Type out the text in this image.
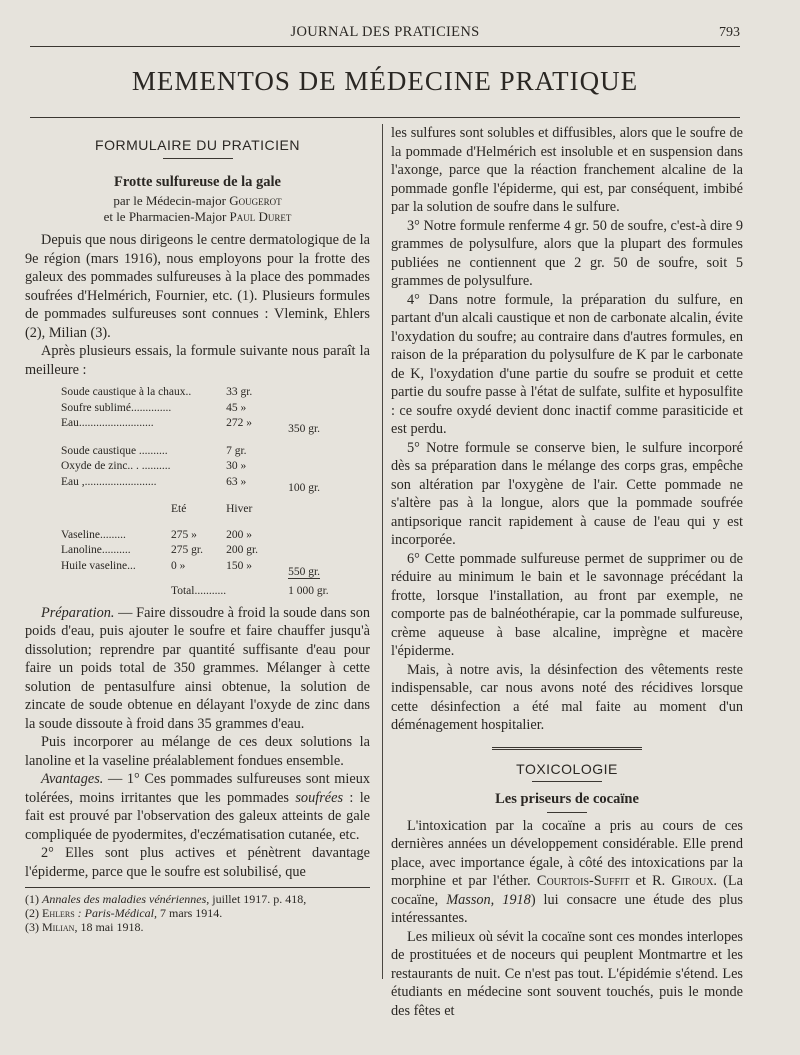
JOURNAL DES PRATICIENS	793
MEMENTOS DE MÉDECINE PRATIQUE
FORMULAIRE DU PRATICIEN
Frotte sulfureuse de la gale
par le Médecin-major Gougerot
et le Pharmacien-Major Paul Duret

Depuis que nous dirigeons le centre dermatologique de la 9e région (mars 1916), nous employons pour la frotte des galeux des pommades sulfureuses à la place des pommades soufrées d'Helmérich, Fournier, etc. (1). Plusieurs formules de pommades sulfureuses sont connues : Vlemink, Ehlers (2), Milian (3).

Après plusieurs essais, la formule suivante nous paraît la meilleure :

Soude caustique à la chaux..	33 gr.		
Soufre sublimé..............	45 »		
Eau..........................	272 »		350 gr.
Soude caustique ..........	7 gr.		
Oxyde de zinc.. . ..........	30 »		
Eau ,.........................	63 »		100 gr.
Eté	Hiver		
Vaseline......... 275 »	200 »		
Lanoline.......... 275 gr.	200 gr.		
Huile vaseline... 0 »	150 »		550 gr.
Total...........			1 000 gr.

Préparation. — Faire dissoudre à froid la soude dans son poids d'eau, puis ajouter le soufre et faire chauffer jusqu'à dissolution; reprendre par quantité suffisante d'eau pour faire un poids total de 350 grammes. Mélanger à cette solution de pentasulfure ainsi obtenue, la solution de zincate de soude obtenue en délayant l'oxyde de zinc dans la soude dissoute à froid dans 35 grammes d'eau.

Puis incorporer au mélange de ces deux solutions la lanoline et la vaseline préalablement fondues ensemble.

Avantages. — 1° Ces pommades sulfureuses sont mieux tolérées, moins irritantes que les pommades soufrées : le fait est prouvé par l'observation des galeux atteints de gale compliquée de pyodermites, d'eczématisation cutanée, etc.

2° Elles sont plus actives et pénètrent davantage l'épiderme, parce que le soufre est solubilisé, que

(1) Annales des maladies vénériennes, juillet 1917. p. 418,

(2) Ehlers : Paris-Médical, 7 mars 1914.

(3) Milian, 18 mai 1918.

les sulfures sont solubles et diffusibles, alors que le soufre de la pommade d'Helmérich est insoluble et en suspension dans l'axonge, parce que la réaction franchement alcaline de la pommade gonfle l'épiderme, qui est, par conséquent, imbibé par la solution de soufre dans le sulfure.

3° Notre formule renferme 4 gr. 50 de soufre, c'est-à dire 9 grammes de polysulfure, alors que la plupart des formules publiées ne contiennent que 2 gr. 50 de soufre, soit 5 grammes de polysulfure.

4° Dans notre formule, la préparation du sulfure, en partant d'un alcali caustique et non de carbonate alcalin, évite l'oxydation du soufre; au contraire dans d'autres formules, en raison de la préparation du polysulfure de K par le carbonate de K, l'oxydation d'une partie du soufre se produit et cette partie du soufre passe à l'état de sulfate, sulfite et hyposulfite : ce soufre oxydé devient donc inactif comme parasiticide et est perdu.

5° Notre formule se conserve bien, le sulfure incorporé dès sa préparation dans le mélange des corps gras, empêche son altération par l'oxygène de l'air. Cette pommade ne s'altère pas à la longue, alors que la pommade soufrée antipsorique rancit rapidement à cause de l'eau qui y est incorporée.

6° Cette pommade sulfureuse permet de supprimer ou de réduire au minimum le bain et le savonnage précédant la frotte, lorsque l'installation, au front par exemple, ne comporte pas de balnéothérapie, car la pommade sulfureuse, crème aqueuse à base alcaline, imprègne et macère l'épiderme.

Mais, à notre avis, la désinfection des vêtements reste indispensable, car nous avons noté des récidives lorsque cette désinfection a été mal faite au moment d'un déménagement hospitalier.

TOXICOLOGIE
Les priseurs de cocaïne

L'intoxication par la cocaïne a pris au cours de ces dernières années un développement considérable. Elle prend place, avec importance égale, à côté des intoxications par la morphine et par l'éther. Courtois-Suffit et R. Giroux. (La cocaïne, Masson, 1918) lui consacre une étude des plus intéressantes.

Les milieux où sévit la cocaïne sont ces mondes interlopes de prostituées et de noceurs qui peuplent Montmartre et les restaurants de nuit. Ce n'est pas tout. L'épidémie s'étend. Les étudiants en médecine sont souvent touchés, puis le monde des fêtes et
